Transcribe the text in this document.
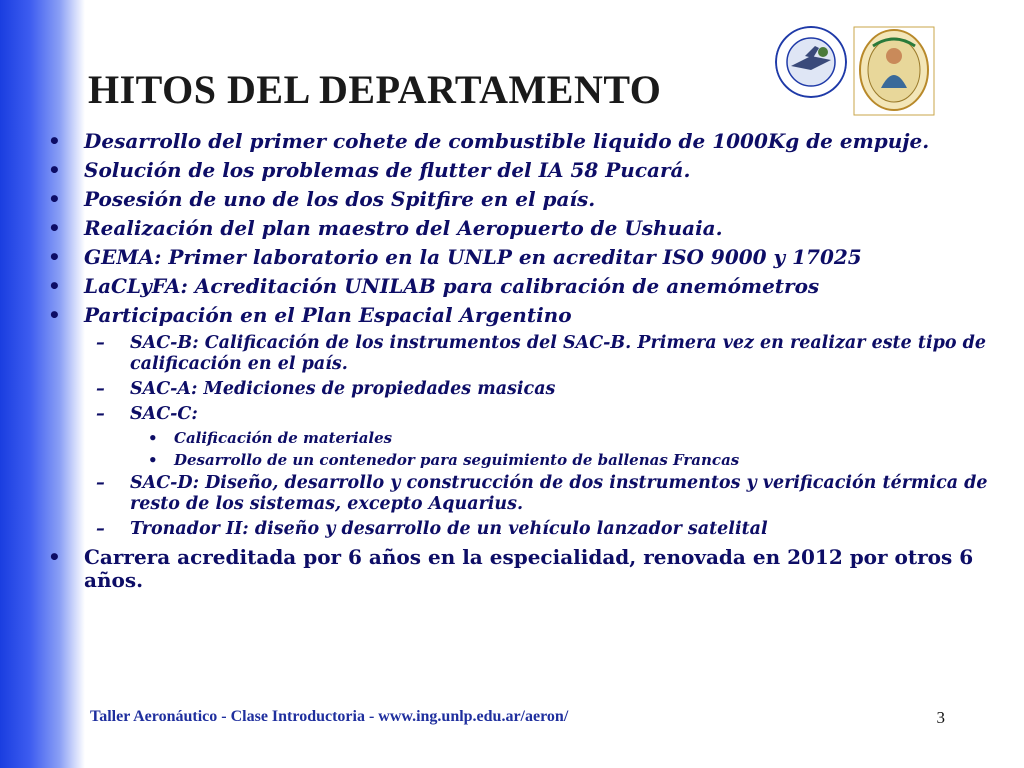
HITOS DEL DEPARTAMENTO
• Desarrollo del primer cohete de combustible liquido de 1000Kg de empuje.
• Solución de los problemas de flutter del IA 58 Pucará.
• Posesión de uno de los dos Spitfire en el país.
• Realización del plan maestro del Aeropuerto de Ushuaia.
• GEMA: Primer laboratorio en la UNLP en acreditar ISO 9000 y 17025
• LaCLyFA: Acreditación UNILAB para calibración de anemómetros
• Participación en el Plan Espacial Argentino
– SAC-B: Calificación de los instrumentos del SAC-B. Primera vez en realizar este tipo de calificación en el país.
– SAC-A: Mediciones de propiedades masicas
– SAC-C:
• Calificación de materiales
• Desarrollo de un contenedor para seguimiento de ballenas Francas
– SAC-D: Diseño, desarrollo y construcción de dos instrumentos y verificación térmica de resto de los sistemas, excepto Aquarius.
– Tronador II: diseño y desarrollo de un vehículo lanzador satelital
• Carrera acreditada por 6 años en la especialidad, renovada en 2012 por otros 6 años.
Taller Aeronáutico - Clase Introductoria - www.ing.unlp.edu.ar/aeron/	3
